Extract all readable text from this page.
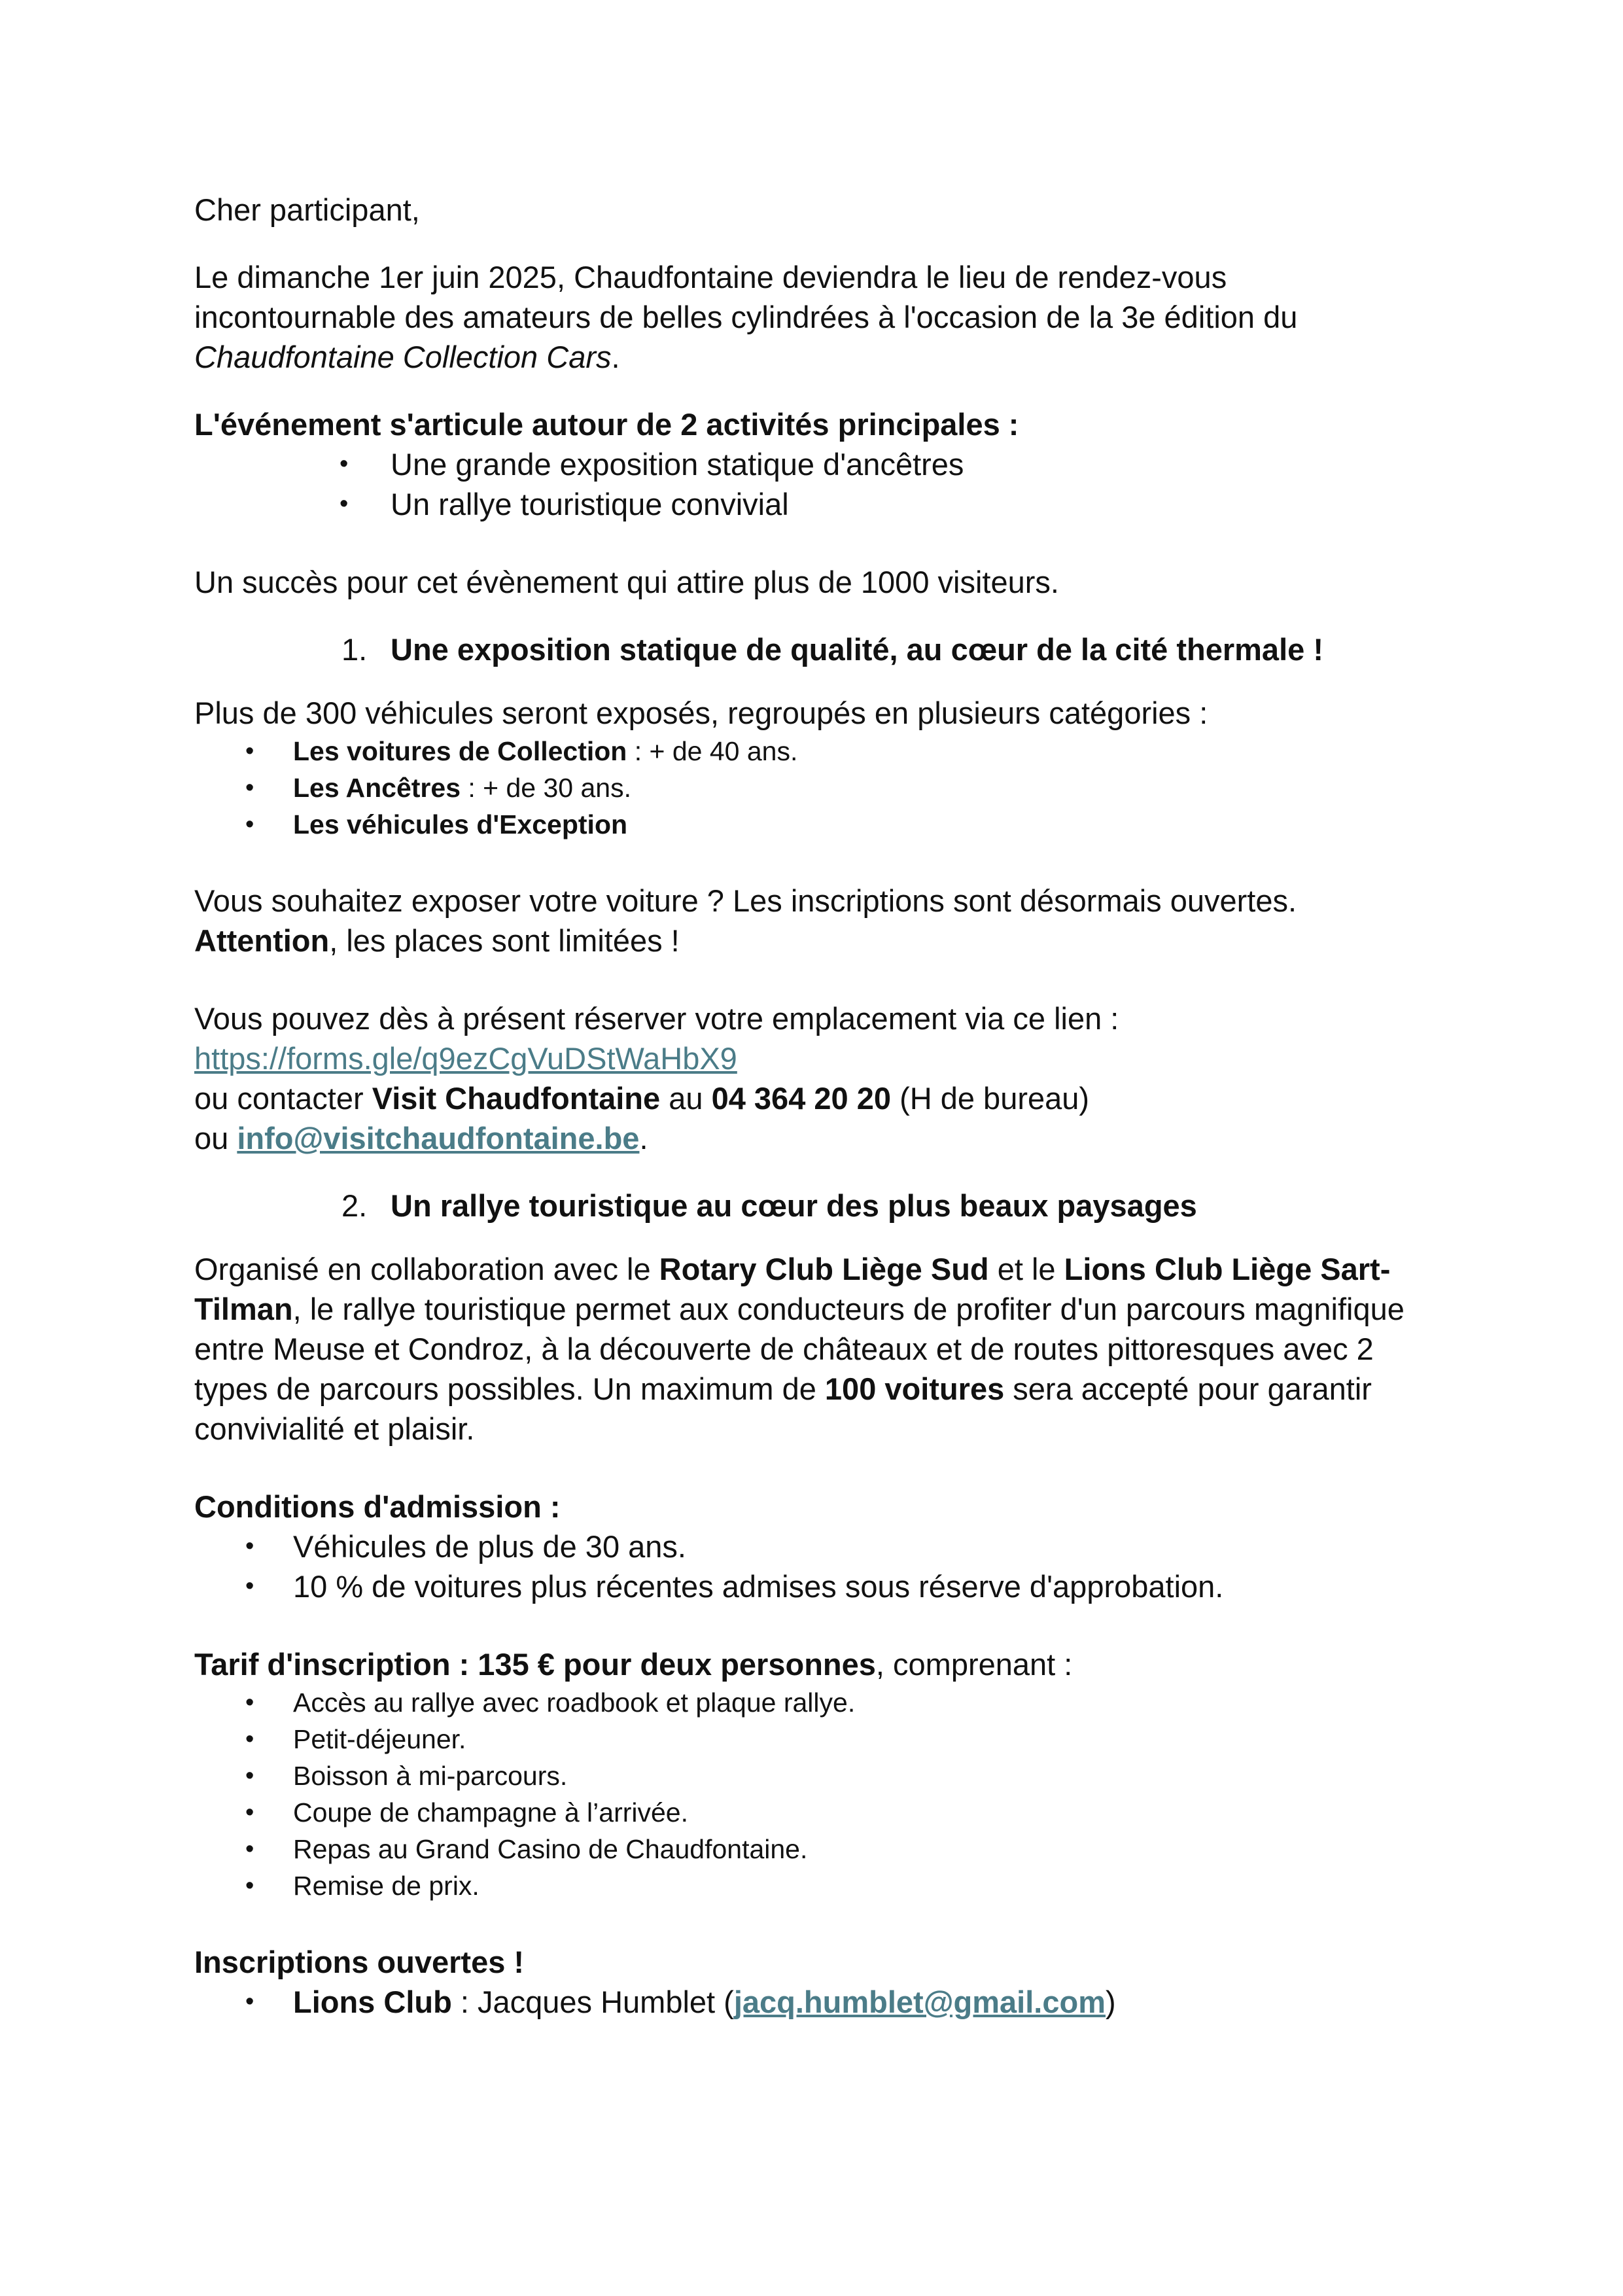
Cher participant,

Le dimanche 1er juin 2025, Chaudfontaine deviendra le lieu de rendez-vous incontournable des amateurs de belles cylindrées à l'occasion de la 3e édition du Chaudfontaine Collection Cars.

L'événement s'articule autour de 2 activités principales :

• Une grande exposition statique d'ancêtres
• Un rallye touristique convivial

Un succès pour cet évènement qui attire plus de 1000 visiteurs.

1. Une exposition statique de qualité, au cœur de la cité thermale !

Plus de 300 véhicules seront exposés, regroupés en plusieurs catégories :

• Les voitures de Collection : + de 40 ans.
• Les Ancêtres : + de 30 ans.
• Les véhicules d'Exception

Vous souhaitez exposer votre voiture ? Les inscriptions sont désormais ouvertes.

Attention, les places sont limitées !

Vous pouvez dès à présent réserver votre emplacement via ce lien :

https://forms.gle/q9ezCgVuDStWaHbX9

ou contacter Visit Chaudfontaine au 04 364 20 20 (H de bureau)

ou info@visitchaudfontaine.be.

2. Un rallye touristique au cœur des plus beaux paysages

Organisé en collaboration avec le Rotary Club Liège Sud et le Lions Club Liège Sart-Tilman, le rallye touristique permet aux conducteurs de profiter d'un parcours magnifique entre Meuse et Condroz, à la découverte de châteaux et de routes pittoresques avec 2 types de parcours possibles. Un maximum de 100 voitures sera accepté pour garantir convivialité et plaisir.

Conditions d'admission :

• Véhicules de plus de 30 ans.
• 10 % de voitures plus récentes admises sous réserve d'approbation.

Tarif d'inscription : 135 € pour deux personnes, comprenant :

• Accès au rallye avec roadbook et plaque rallye.
• Petit-déjeuner.
• Boisson à mi-parcours.
• Coupe de champagne à l’arrivée.
• Repas au Grand Casino de Chaudfontaine.
• Remise de prix.

Inscriptions ouvertes !

• Lions Club : Jacques Humblet (jacq.humblet@gmail.com)
